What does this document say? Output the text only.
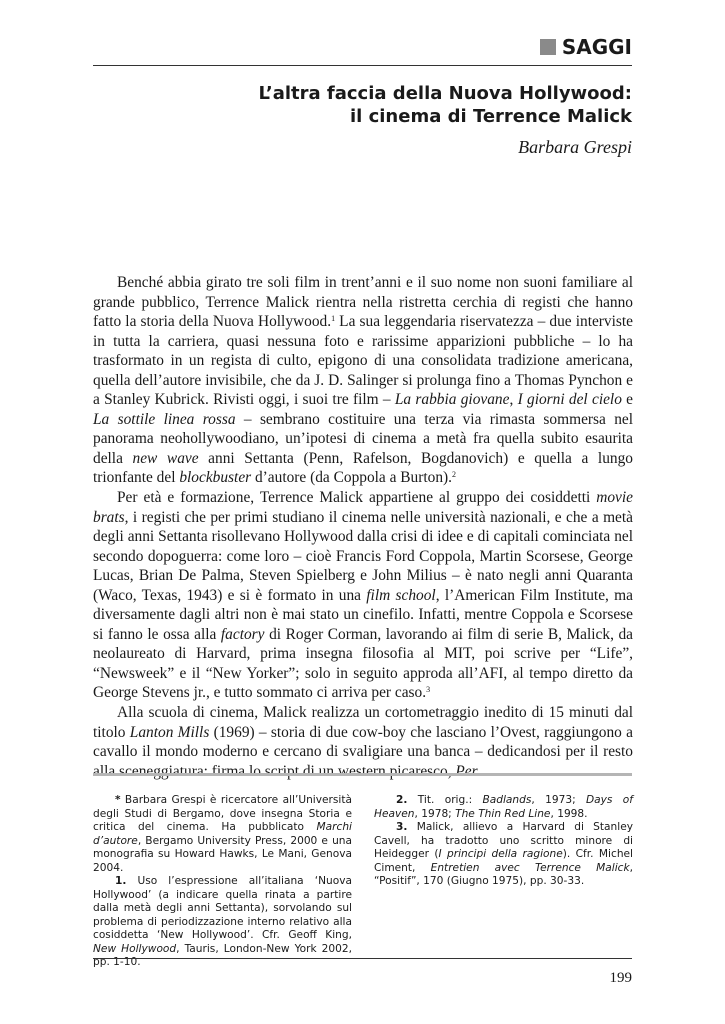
SAGGI
L’altra faccia della Nuova Hollywood:
il cinema di Terrence Malick
Barbara Grespi

Benché abbia girato tre soli film in trent’anni e il suo nome non suoni familiare al grande pubblico, Terrence Malick rientra nella ristretta cerchia di registi che hanno fatto la storia della Nuova Hollywood.$^1$ La sua leggendaria riservatezza – due interviste in tutta la carriera, quasi nessuna foto e rarissime apparizioni pubbliche – lo ha trasformato in un regista di culto, epigono di una consolidata tradizione americana, quella dell’autore invisibile, che da J. D. Salinger si prolunga fino a Thomas Pynchon e a Stanley Kubrick. Rivisti oggi, i suoi tre film – La rabbia giovane, I giorni del cielo e La sottile linea rossa – sembrano costituire una terza via rimasta sommersa nel panorama neohollywoodiano, un’ipotesi di cinema a metà fra quella subito esaurita della new wave anni Settanta (Penn, Rafelson, Bogdanovich) e quella a lungo trionfante del blockbuster d’autore (da Coppola a Burton).$^2$

Per età e formazione, Terrence Malick appartiene al gruppo dei cosiddetti movie brats, i registi che per primi studiano il cinema nelle università nazionali, e che a metà degli anni Settanta risollevano Hollywood dalla crisi di idee e di capitali cominciata nel secondo dopoguerra: come loro – cioè Francis Ford Coppola, Martin Scorsese, George Lucas, Brian De Palma, Steven Spielberg e John Milius – è nato negli anni Quaranta (Waco, Texas, 1943) e si è formato in una film school, l’American Film Institute, ma diversamente dagli altri non è mai stato un cinefilo. Infatti, mentre Coppola e Scorsese si fanno le ossa alla factory di Roger Corman, lavorando ai film di serie B, Malick, da neolaureato di Harvard, prima insegna filosofia al MIT, poi scrive per “Life”, “Newsweek” e il “New Yorker”; solo in seguito approda all’AFI, al tempo diretto da George Stevens jr., e tutto sommato ci arriva per caso.$^3$

Alla scuola di cinema, Malick realizza un cortometraggio inedito di 15 minuti dal titolo Lanton Mills (1969) – storia di due cow-boy che lasciano l’Ovest, raggiungono a cavallo il mondo moderno e cercano di svaligiare una banca – dedicandosi per il resto alla sceneggiatura: firma lo script di un western picaresco, Per

* Barbara Grespi è ricercatore all’Università degli Studi di Bergamo, dove insegna Storia e critica del cinema. Ha pubblicato Marchi d’autore, Bergamo University Press, 2000 e una monografia su Howard Hawks, Le Mani, Genova 2004.

1. Uso l’espressione all’italiana ‘Nuova Hollywood’ (a indicare quella rinata a partire dalla metà degli anni Settanta), sorvolando sul problema di periodizzazione interno relativo alla cosiddetta ‘New Hollywood’. Cfr. Geoff King, New Hollywood, Tauris, London-New York 2002, pp. 1-10.

2. Tit. orig.: Badlands, 1973; Days of Heaven, 1978; The Thin Red Line, 1998.

3. Malick, allievo a Harvard di Stanley Cavell, ha tradotto uno scritto minore di Heidegger (I principi della ragione). Cfr. Michel Ciment, Entretien avec Terrence Malick, “Positif”, 170 (Giugno 1975), pp. 30-33.

199
